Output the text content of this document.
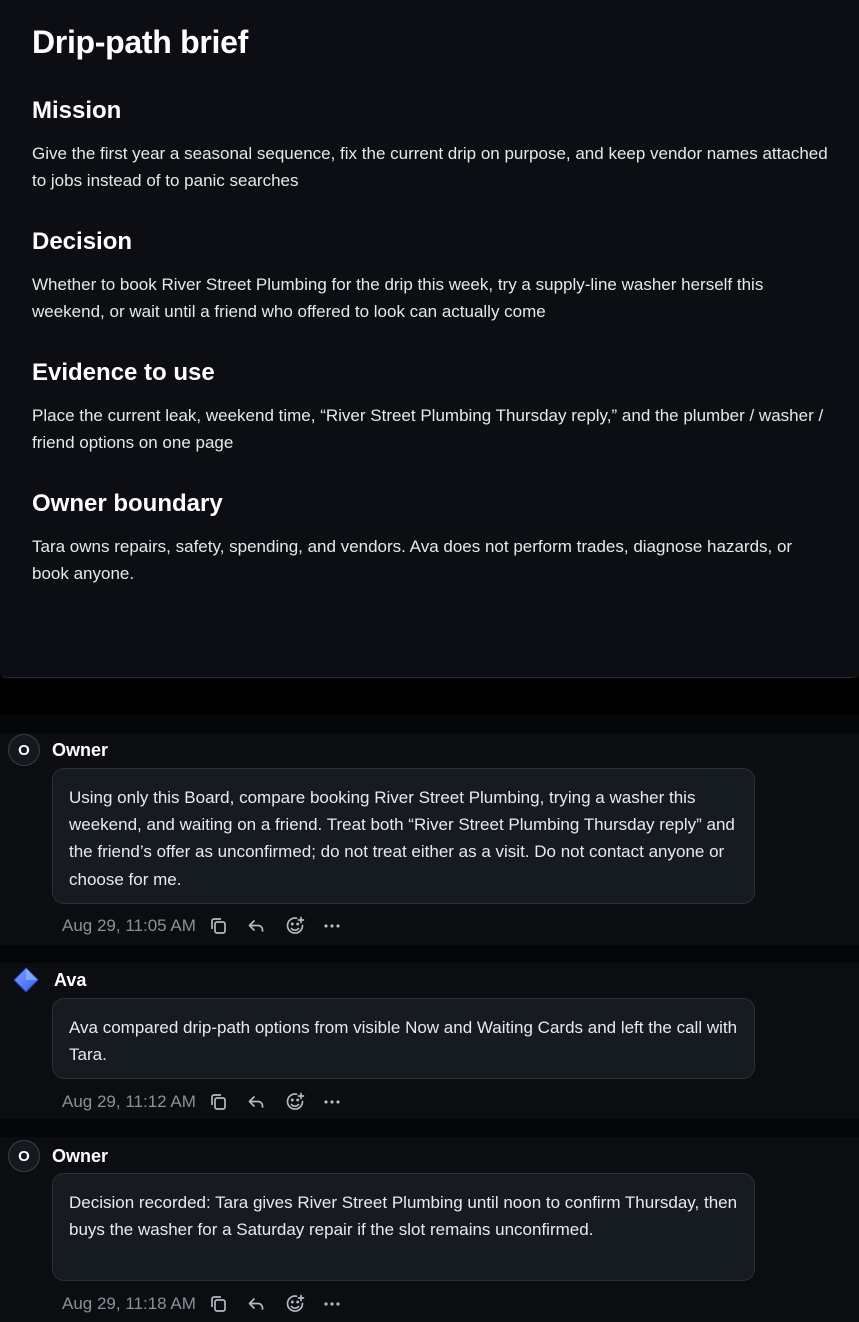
Drip-path brief
Mission

Give the first year a seasonal sequence, fix the current drip on purpose, and keep vendor names attached to jobs instead of to panic searches

Decision

Whether to book River Street Plumbing for the drip this week, try a supply-line washer herself this weekend, or wait until a friend who offered to look can actually come

Evidence to use

Place the current leak, weekend time, “River Street Plumbing Thursday reply,” and the plumber / washer / friend options on one page

Owner boundary

Tara owns repairs, safety, spending, and vendors. Ava does not perform trades, diagnose hazards, or book anyone.

O	Owner
Using only this Board, compare booking River Street Plumbing, trying a washer this weekend, and waiting on a friend. Treat both “River Street Plumbing Thursday reply” and the friend’s offer as unconfirmed; do not treat either as a visit. Do not contact anyone or choose for me.
Aug 29, 11:05 AM
Ava
Ava compared drip-path options from visible Now and Waiting Cards and left the call with Tara.
Aug 29, 11:12 AM
O	Owner
Decision recorded: Tara gives River Street Plumbing until noon to confirm Thursday, then buys the washer for a Saturday repair if the slot remains unconfirmed.
Aug 29, 11:18 AM
